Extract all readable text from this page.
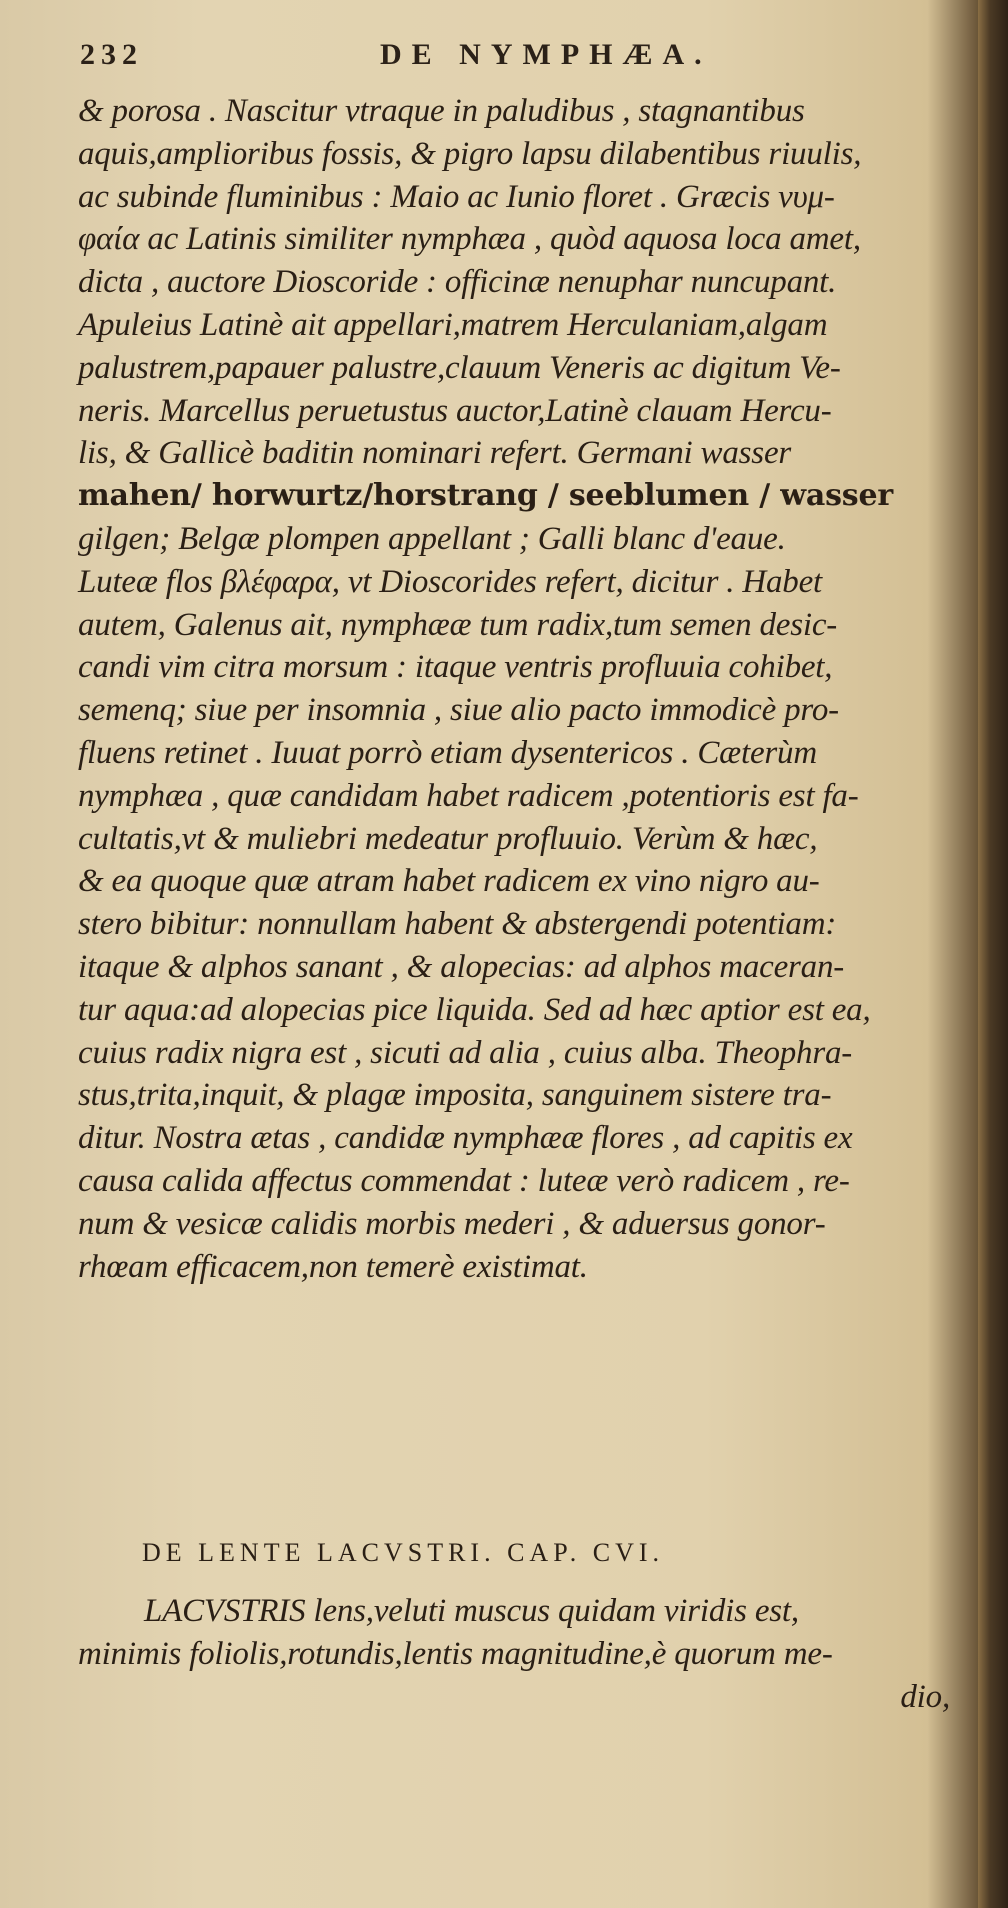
232	DE NYMPHÆA.
& porosa . Nascitur vtraque in paludibus , stagnantibus
aquis,amplioribus fossis, & pigro lapsu dilabentibus riuulis,
ac subinde fluminibus : Maio ac Iunio floret . Græcis νυμ-
φαία ac Latinis similiter nymphæa , quòd aquosa loca amet,
dicta , auctore Dioscoride : officinæ nenuphar nuncupant.
Apuleius Latinè ait appellari,matrem Herculaniam,algam
palustrem,papauer palustre,clauum Veneris ac digitum Ve-
neris. Marcellus peruetustus auctor,Latinè clauam Hercu-
lis, & Gallicè baditin nominari refert. Germani wasser
mahen/ horwurtz/horstrang / seeblumen / wasser
gilgen; Belgæ plompen appellant ; Galli blanc d'eaue.
Luteæ flos βλέφαρα, vt Dioscorides refert, dicitur . Habet
autem, Galenus ait, nymphææ tum radix,tum semen desic-
candi vim citra morsum : itaque ventris profluuia cohibet,
semenq; siue per insomnia , siue alio pacto immodicè pro-
fluens retinet . Iuuat porrò etiam dysentericos . Cæterùm
nymphæa , quæ candidam habet radicem ,potentioris est fa-
cultatis,vt & muliebri medeatur profluuio. Verùm & hæc,
& ea quoque quæ atram habet radicem ex vino nigro au-
stero bibitur: nonnullam habent & abstergendi potentiam:
itaque & alphos sanant , & alopecias: ad alphos maceran-
tur aqua:ad alopecias pice liquida. Sed ad hæc aptior est ea,
cuius radix nigra est , sicuti ad alia , cuius alba. Theophra-
stus,trita,inquit, & plagæ imposita, sanguinem sistere tra-
ditur. Nostra ætas , candidæ nymphææ flores , ad capitis ex
causa calida affectus commendat : luteæ verò radicem , re-
num & vesicæ calidis morbis mederi , & aduersus gonor-
rhœam efficacem,non temerè existimat.
DE LENTE LACVSTRI. CAP. CVI.
LACVSTRIS lens,veluti muscus quidam viridis est,
minimis foliolis,rotundis,lentis magnitudine,è quorum me-
dio,
